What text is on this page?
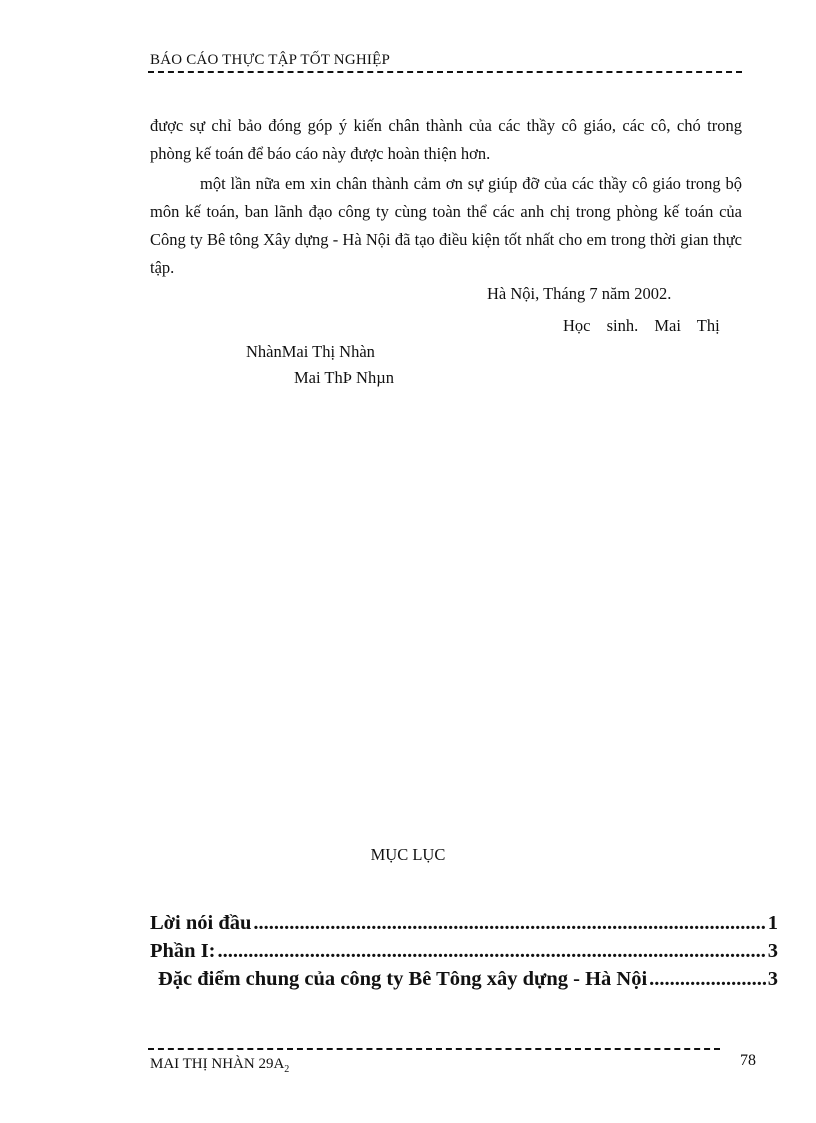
BÁO CÁO THỰC TẬP TỐT NGHIỆP

được sự chỉ bảo đóng góp ý kiến chân thành của các thầy cô giáo, các cô, chó trong phòng kế toán để báo cáo này được hoàn thiện hơn.

một lần nữa em xin chân thành cảm ơn sự giúp đỡ của các thầy cô giáo trong bộ môn kế toán, ban lãnh đạo công ty cùng toàn thể các anh chị trong phòng kế toán của Công ty Bê tông Xây dựng - Hà Nội đã tạo điều kiện tốt nhất cho em trong thời gian thực tập.

Hà Nội, Tháng 7 năm 2002.
Học sinh. Mai Thị
NhànMai Thị Nhàn
Mai ThÞ Nhµn
MỤC LỤC
Lời nói đầu .....	1
Phần I: .....	3
Đặc điểm chung của công ty Bê Tông xây dựng - Hà Nội .....	3
MAI THỊ NHÀN $29A_2$
78
